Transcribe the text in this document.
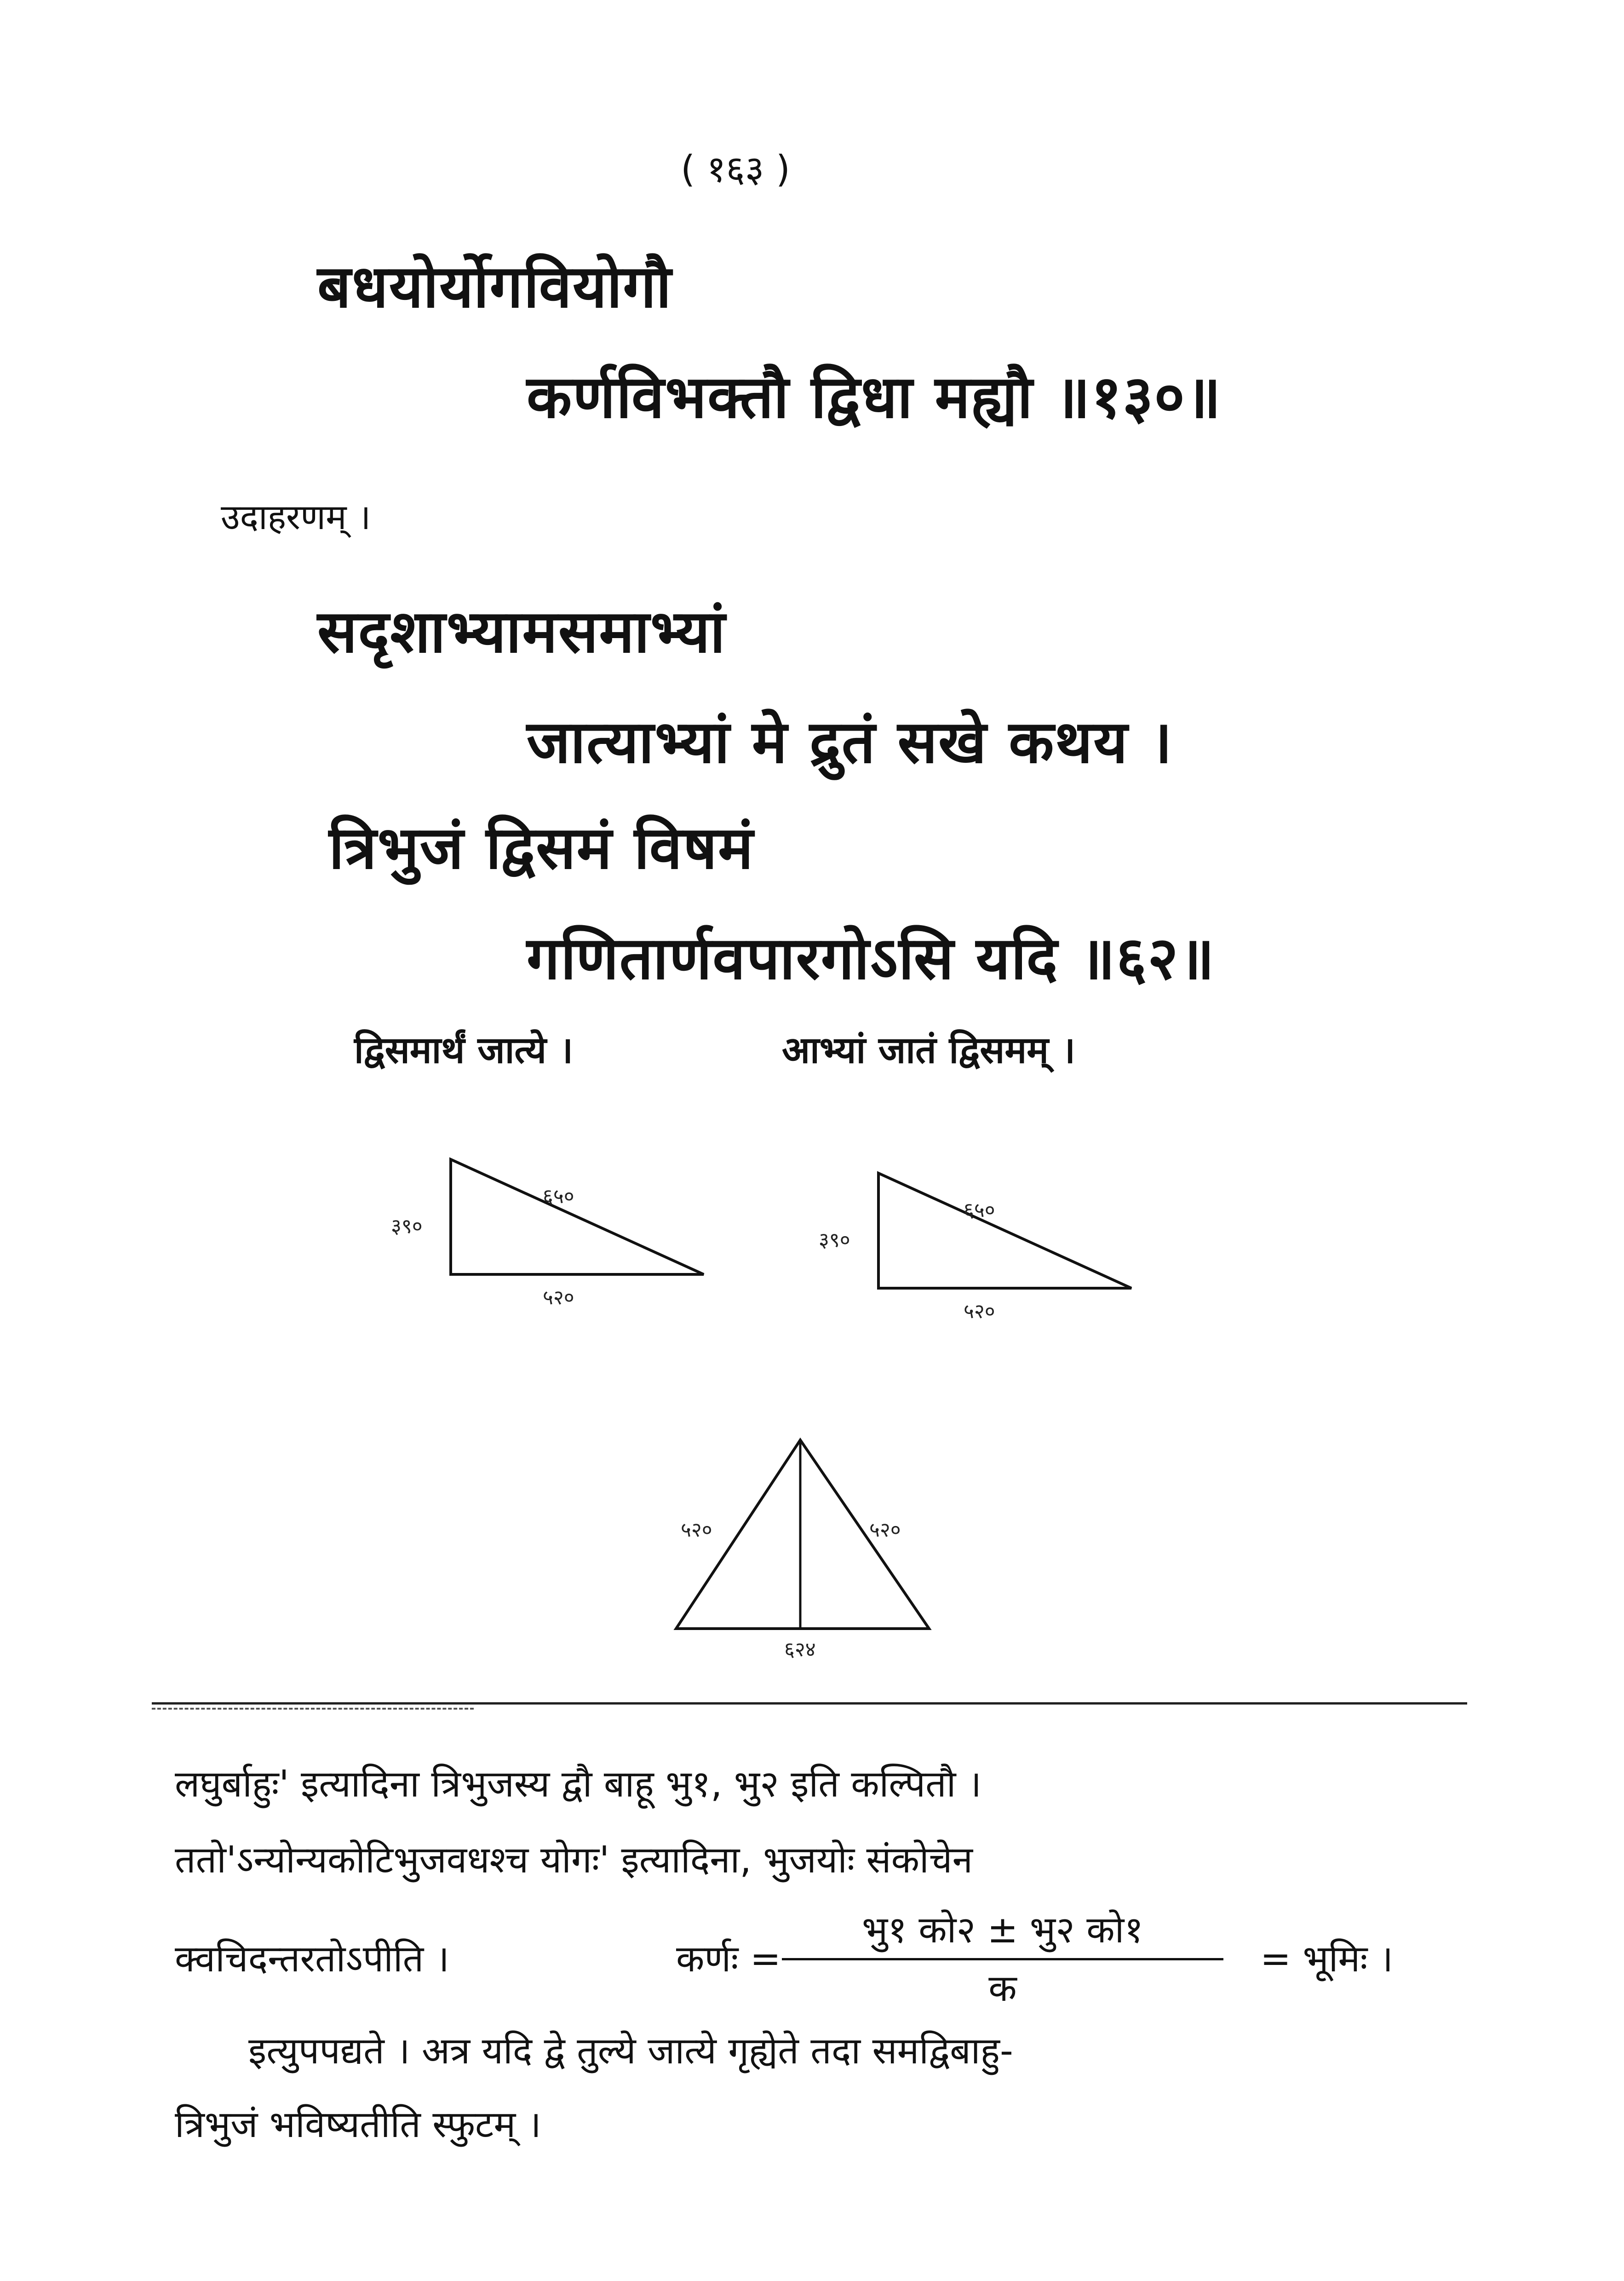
( १६३ )
बधयोर्योगवियोगौ
कर्णविभक्तौ द्विधा मह्यौ ॥१३०॥
उदाहरणम् ।
सदृशाभ्यामसमाभ्यां
जात्याभ्यां मे द्रुतं सखे कथय ।
त्रिभुजं द्विसमं विषमं
गणितार्णवपारगोऽसि यदि ॥६२॥
द्विसमार्थं जात्ये ।	आभ्यां जातं द्विसमम् ।
३९०
६५०
५२०
३९०
६५०
५२०
५२०	५२०
६२४
लघुर्बाहुः' इत्यादिना त्रिभुजस्य द्वौ बाहू भु१, भु२ इति कल्पितौ ।
ततो'ऽन्योन्यकोटिभुजवधश्च योगः' इत्यादिना, भुजयोः संकोचेन
क्वचिदन्तरतोऽपीति ।	कर्णः =
भु१ को२ ± भु२ को१
क
= भूमिः ।
इत्युपपद्यते । अत्र यदि द्वे तुल्ये जात्ये गृह्येते तदा समद्विबाहु-
त्रिभुजं भविष्यतीति स्फुटम् ।
